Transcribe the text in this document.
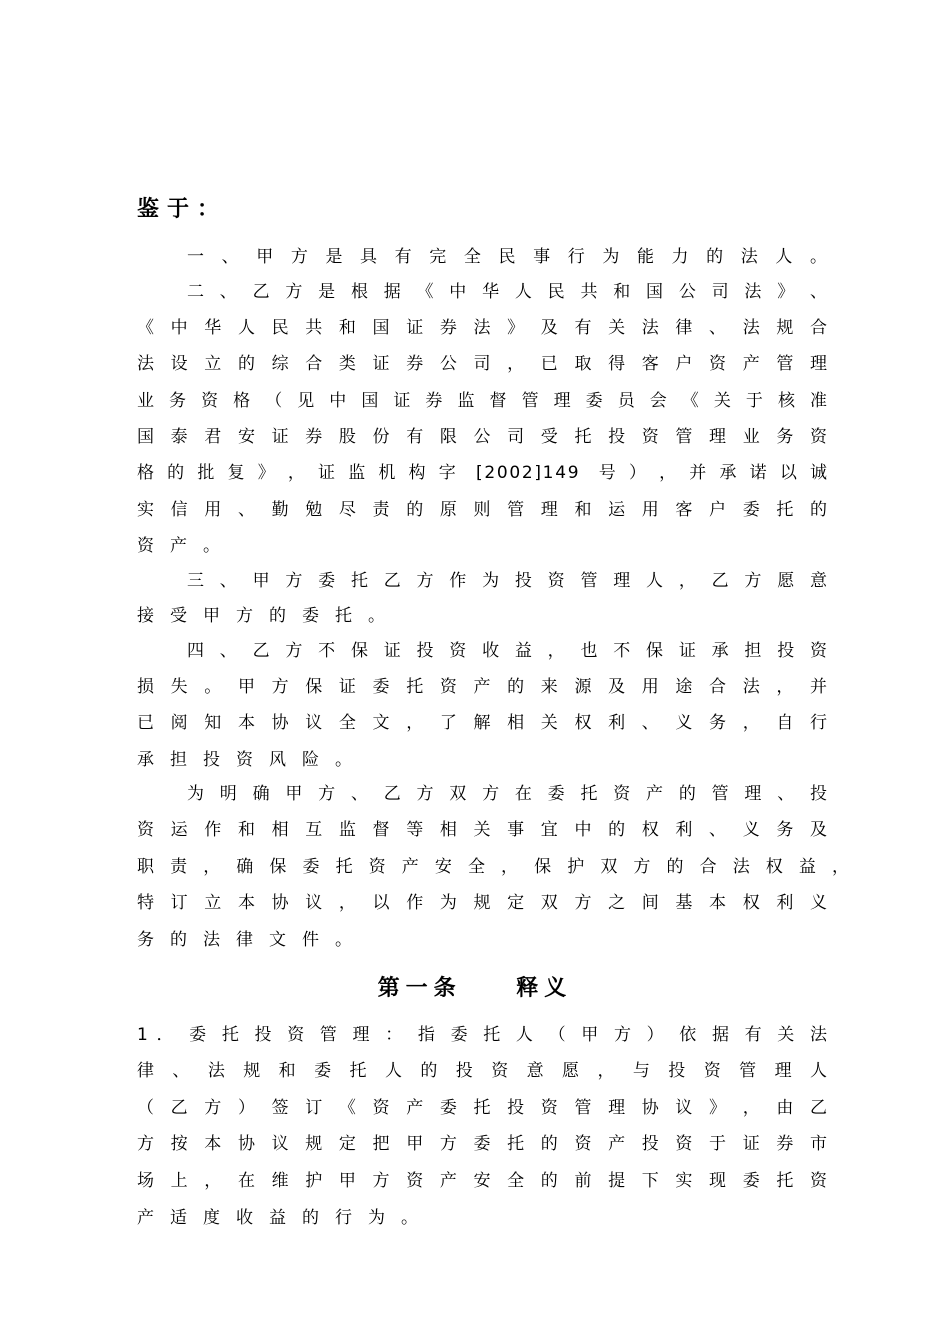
鉴于：
一 、 甲 方 是 具 有 完 全 民 事 行 为 能 力 的 法 人 。
二 、 乙 方 是 根 据 《 中 华 人 民 共 和 国 公 司 法 》 、
《 中 华 人 民 共 和 国 证 券 法 》 及 有 关 法 律 、 法 规 合
法 设 立 的 综 合 类 证 券 公 司 ， 已 取 得 客 户 资 产 管 理
业 务 资 格 （ 见 中 国 证 券 监 督 管 理 委 员 会 《 关 于 核 准
国 泰 君 安 证 券 股 份 有 限 公 司 受 托 投 资 管 理 业 务 资
格 的 批 复 》 ， 证 监 机 构 字   [ 2 0 0 2 ] 1 4 9   号 ） ， 并 承 诺 以 诚
实 信 用 、 勤 勉 尽 责 的 原 则 管 理 和 运 用 客 户 委 托 的
资产。
三 、 甲 方 委 托 乙 方 作 为 投 资 管 理 人 ， 乙 方 愿 意
接受甲方的委托。
四 、 乙 方 不 保 证 投 资 收 益 ， 也 不 保 证 承 担 投 资
损 失 。 甲 方 保 证 委 托 资 产 的 来 源 及 用 途 合 法 ， 并
已 阅 知 本 协 议 全 文 ， 了 解 相 关 权 利 、 义 务 ， 自 行
承担投资风险。
为 明 确 甲 方 、 乙 方 双 方 在 委 托 资 产 的 管 理 、 投
资 运 作 和 相 互 监 督 等 相 关 事 宜 中 的 权 利 、 义 务 及
职 责 ， 确 保 委 托 资 产 安 全 ， 保 护 双 方 的 合 法 权 益 ，
特 订 立 本 协 议 ， 以 作 为 规 定 双 方 之 间 基 本 权 利 义
务的法律文件。
第一条    释义
1 ． 委 托 投 资 管 理 ： 指 委 托 人 （ 甲 方 ） 依 据 有 关 法
律 、 法 规 和 委 托 人 的 投 资 意 愿 ， 与 投 资 管 理 人
（ 乙 方 ） 签 订 《 资 产 委 托 投 资 管 理 协 议 》 ， 由 乙
方 按 本 协 议 规 定 把 甲 方 委 托 的 资 产 投 资 于 证 券 市
场 上 ， 在 维 护 甲 方 资 产 安 全 的 前 提 下 实 现 委 托 资
产适度收益的行为。
